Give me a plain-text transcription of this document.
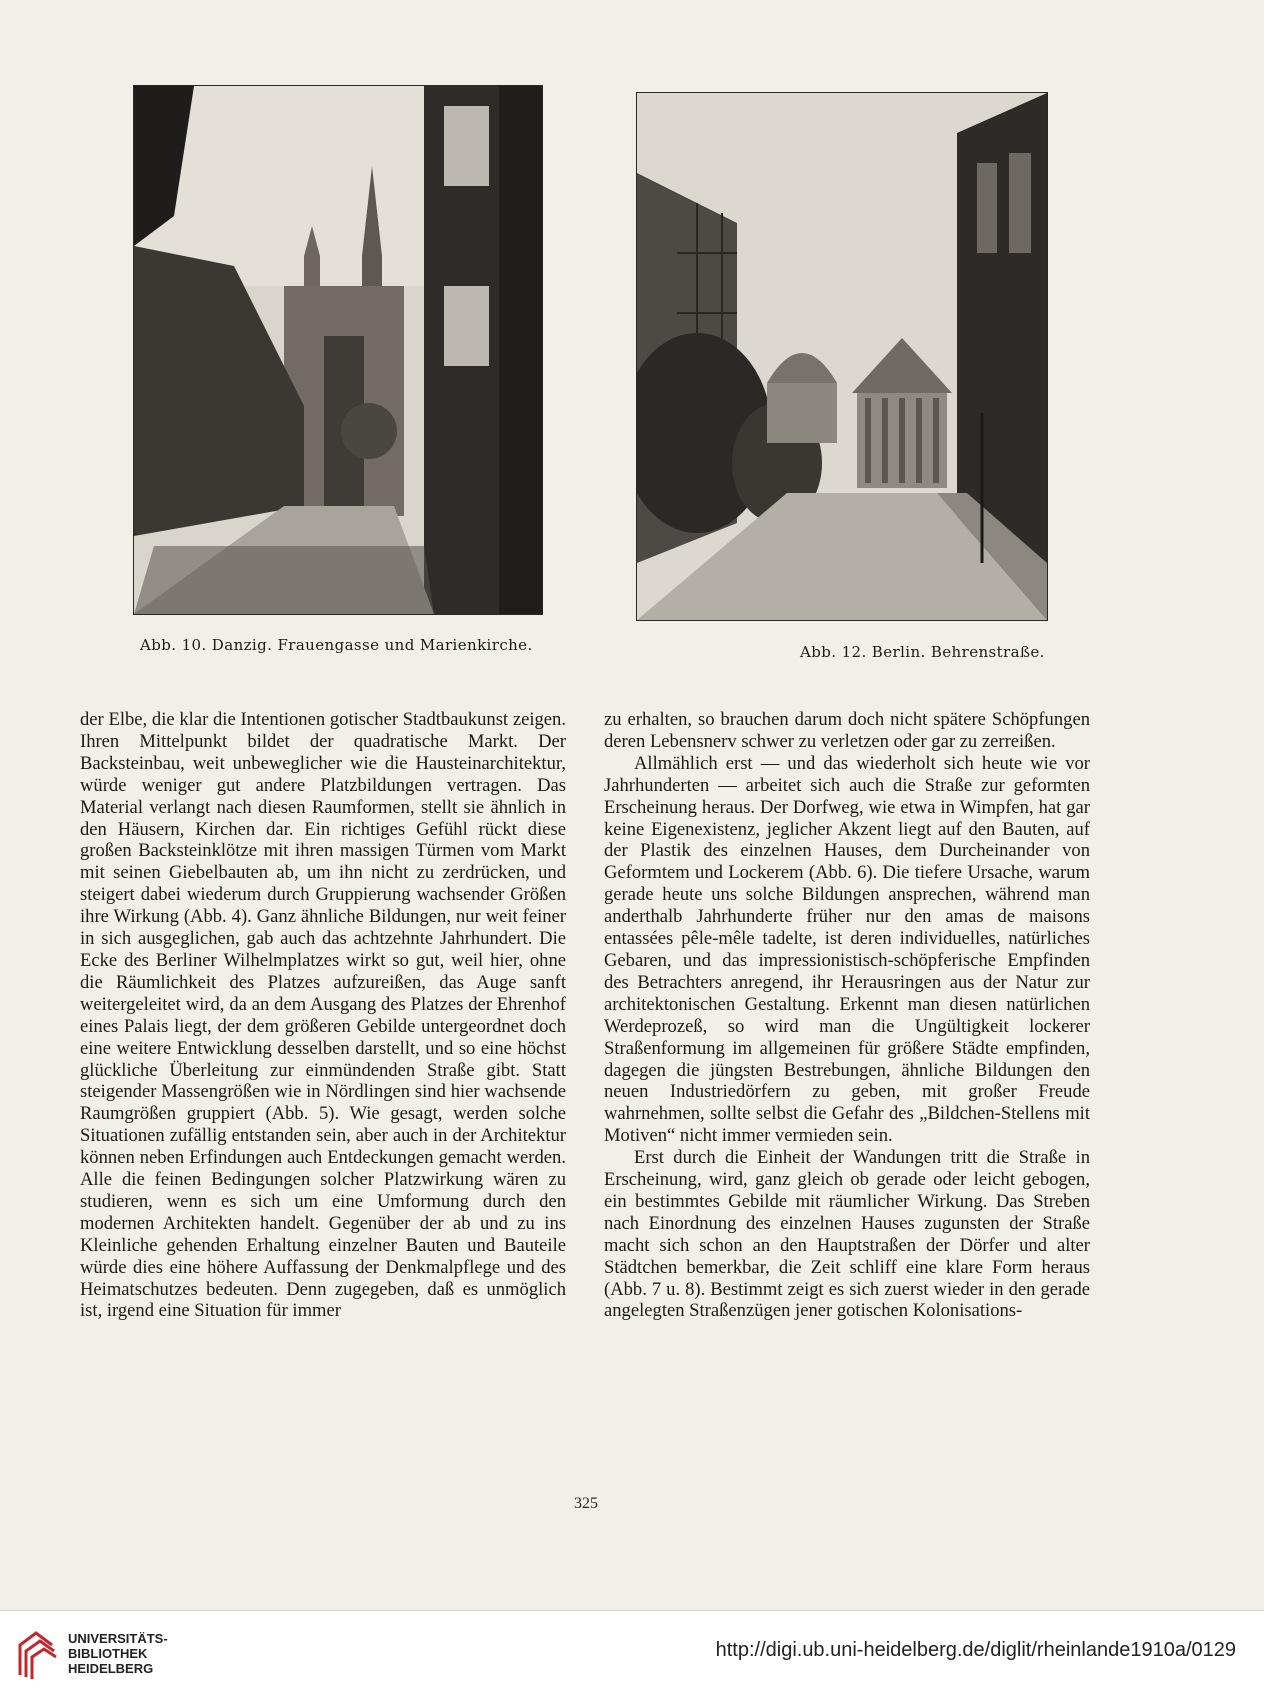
Abb. 10. Danzig. Frauengasse und Marienkirche.	Abb. 12. Berlin. Behrenstraße.

der Elbe, die klar die Intentionen gotischer Stadtbaukunst zeigen. Ihren Mittelpunkt bildet der quadratische Markt. Der Backsteinbau, weit unbeweglicher wie die Hausteinarchitektur, würde weniger gut andere Platzbildungen vertragen. Das Material verlangt nach diesen Raumformen, stellt sie ähnlich in den Häusern, Kirchen dar. Ein richtiges Gefühl rückt diese großen Backsteinklötze mit ihren massigen Türmen vom Markt mit seinen Giebelbauten ab, um ihn nicht zu zerdrücken, und steigert dabei wiederum durch Gruppierung wachsender Größen ihre Wirkung (Abb. 4). Ganz ähnliche Bildungen, nur weit feiner in sich ausgeglichen, gab auch das achtzehnte Jahrhundert. Die Ecke des Berliner Wilhelmplatzes wirkt so gut, weil hier, ohne die Räumlichkeit des Platzes aufzureißen, das Auge sanft weitergeleitet wird, da an dem Ausgang des Platzes der Ehrenhof eines Palais liegt, der dem größeren Gebilde untergeordnet doch eine weitere Entwicklung desselben darstellt, und so eine höchst glückliche Überleitung zur einmündenden Straße gibt. Statt steigender Massengrößen wie in Nördlingen sind hier wachsende Raumgrößen gruppiert (Abb. 5). Wie gesagt, werden solche Situationen zufällig entstanden sein, aber auch in der Architektur können neben Erfindungen auch Entdeckungen gemacht werden. Alle die feinen Bedingungen solcher Platzwirkung wären zu studieren, wenn es sich um eine Umformung durch den modernen Architekten handelt. Gegenüber der ab und zu ins Kleinliche gehenden Erhaltung einzelner Bauten und Bauteile würde dies eine höhere Auffassung der Denkmalpflege und des Heimatschutzes bedeuten. Denn zugegeben, daß es unmöglich ist, irgend eine Situation für immer

zu erhalten, so brauchen darum doch nicht spätere Schöpfungen deren Lebensnerv schwer zu verletzen oder gar zu zerreißen.

Allmählich erst — und das wiederholt sich heute wie vor Jahrhunderten — arbeitet sich auch die Straße zur geformten Erscheinung heraus. Der Dorfweg, wie etwa in Wimpfen, hat gar keine Eigenexistenz, jeglicher Akzent liegt auf den Bauten, auf der Plastik des einzelnen Hauses, dem Durcheinander von Geformtem und Lockerem (Abb. 6). Die tiefere Ursache, warum gerade heute uns solche Bildungen ansprechen, während man anderthalb Jahrhunderte früher nur den amas de maisons entassées pêle-mêle tadelte, ist deren individuelles, natürliches Gebaren, und das impressionistisch-schöpferische Empfinden des Betrachters anregend, ihr Herausringen aus der Natur zur architektonischen Gestaltung. Erkennt man diesen natürlichen Werdeprozeß, so wird man die Ungültigkeit lockerer Straßenformung im allgemeinen für größere Städte empfinden, dagegen die jüngsten Bestrebungen, ähnliche Bildungen den neuen Industriedörfern zu geben, mit großer Freude wahrnehmen, sollte selbst die Gefahr des „Bildchen-Stellens mit Motiven“ nicht immer vermieden sein.

Erst durch die Einheit der Wandungen tritt die Straße in Erscheinung, wird, ganz gleich ob gerade oder leicht gebogen, ein bestimmtes Gebilde mit räumlicher Wirkung. Das Streben nach Einordnung des einzelnen Hauses zugunsten der Straße macht sich schon an den Hauptstraßen der Dörfer und alter Städtchen bemerkbar, die Zeit schliff eine klare Form heraus (Abb. 7 u. 8). Bestimmt zeigt es sich zuerst wieder in den gerade angelegten Straßenzügen jener gotischen Kolonisations-

325
UNIVERSITÄTS-
BIBLIOTHEK
HEIDELBERG
http://digi.ub.uni-heidelberg.de/diglit/rheinlande1910a/0129
